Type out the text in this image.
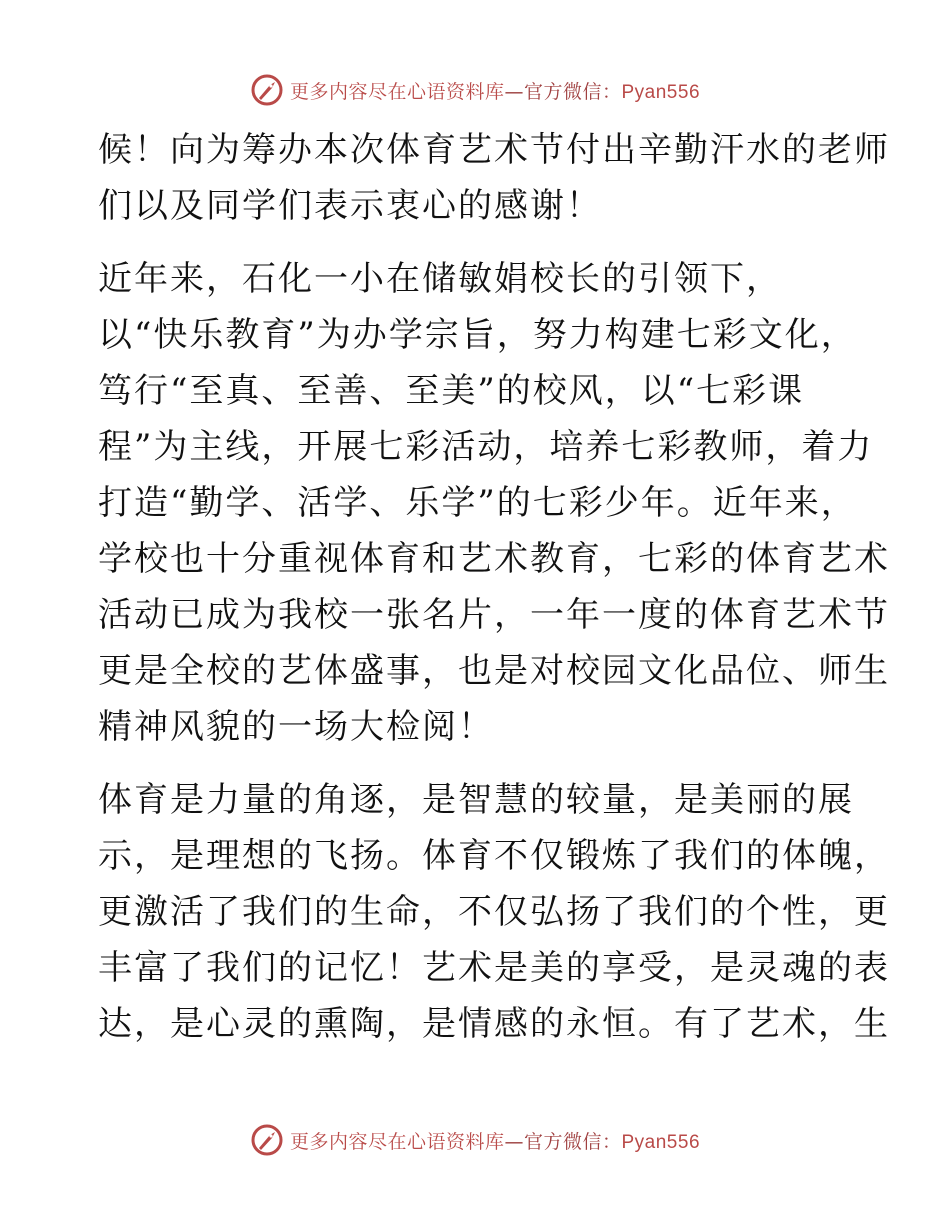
更多内容尽在心语资料库—官方微信：Pyan556
候！向为筹办本次体育艺术节付出辛勤汗水的老师
们以及同学们表示衷心的感谢！
近年来，石化一小在储敏娟校长的引领下，
以“快乐教育”为办学宗旨，努力构建七彩文化，
笃行“至真、至善、至美”的校风，以“七彩课
程”为主线，开展七彩活动，培养七彩教师，着力
打造“勤学、活学、乐学”的七彩少年。近年来，
学校也十分重视体育和艺术教育，七彩的体育艺术
活动已成为我校一张名片，一年一度的体育艺术节
更是全校的艺体盛事，也是对校园文化品位、师生
精神风貌的一场大检阅！
体育是力量的角逐，是智慧的较量，是美丽的展
示，是理想的飞扬。体育不仅锻炼了我们的体魄，
更激活了我们的生命，不仅弘扬了我们的个性，更
丰富了我们的记忆！艺术是美的享受，是灵魂的表
达，是心灵的熏陶，是情感的永恒。有了艺术，生
更多内容尽在心语资料库—官方微信：Pyan556
